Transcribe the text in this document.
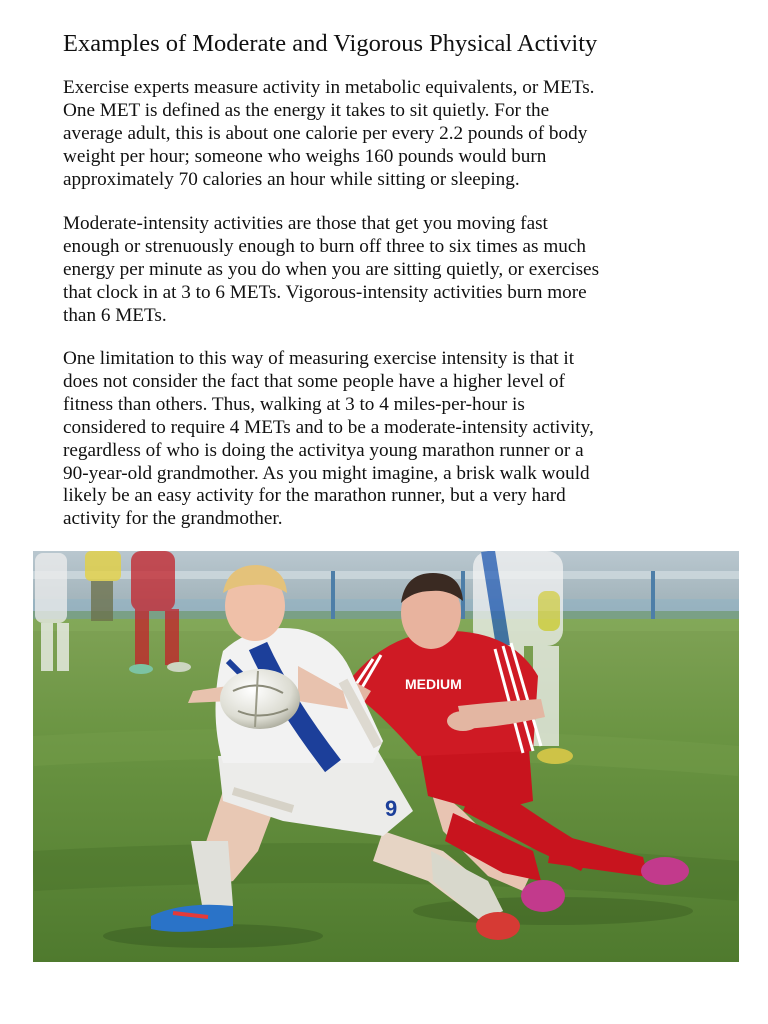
Examples of Moderate and Vigorous Physical Activity

Exercise experts measure activity in metabolic equivalents, or METs.
One MET is defined as the energy it takes to sit quietly. For the
average adult, this is about one calorie per every 2.2 pounds of body
weight per hour; someone who weighs 160 pounds would burn
approximately 70 calories an hour while sitting or sleeping.

Moderate-intensity activities are those that get you moving fast
enough or strenuously enough to burn off three to six times as much
energy per minute as you do when you are sitting quietly, or exercises
that clock in at 3 to 6 METs. Vigorous-intensity activities burn more
than 6 METs.

One limitation to this way of measuring exercise intensity is that it
does not consider the fact that some people have a higher level of
fitness than others. Thus, walking at 3 to 4 miles-per-hour is
considered to require 4 METs and to be a moderate-intensity activity,
regardless of who is doing the activitya young marathon runner or a
90-year-old grandmother. As you might imagine, a brisk walk would
likely be an easy activity for the marathon runner, but a very hard
activity for the grandmother.

MEDIUM
9
